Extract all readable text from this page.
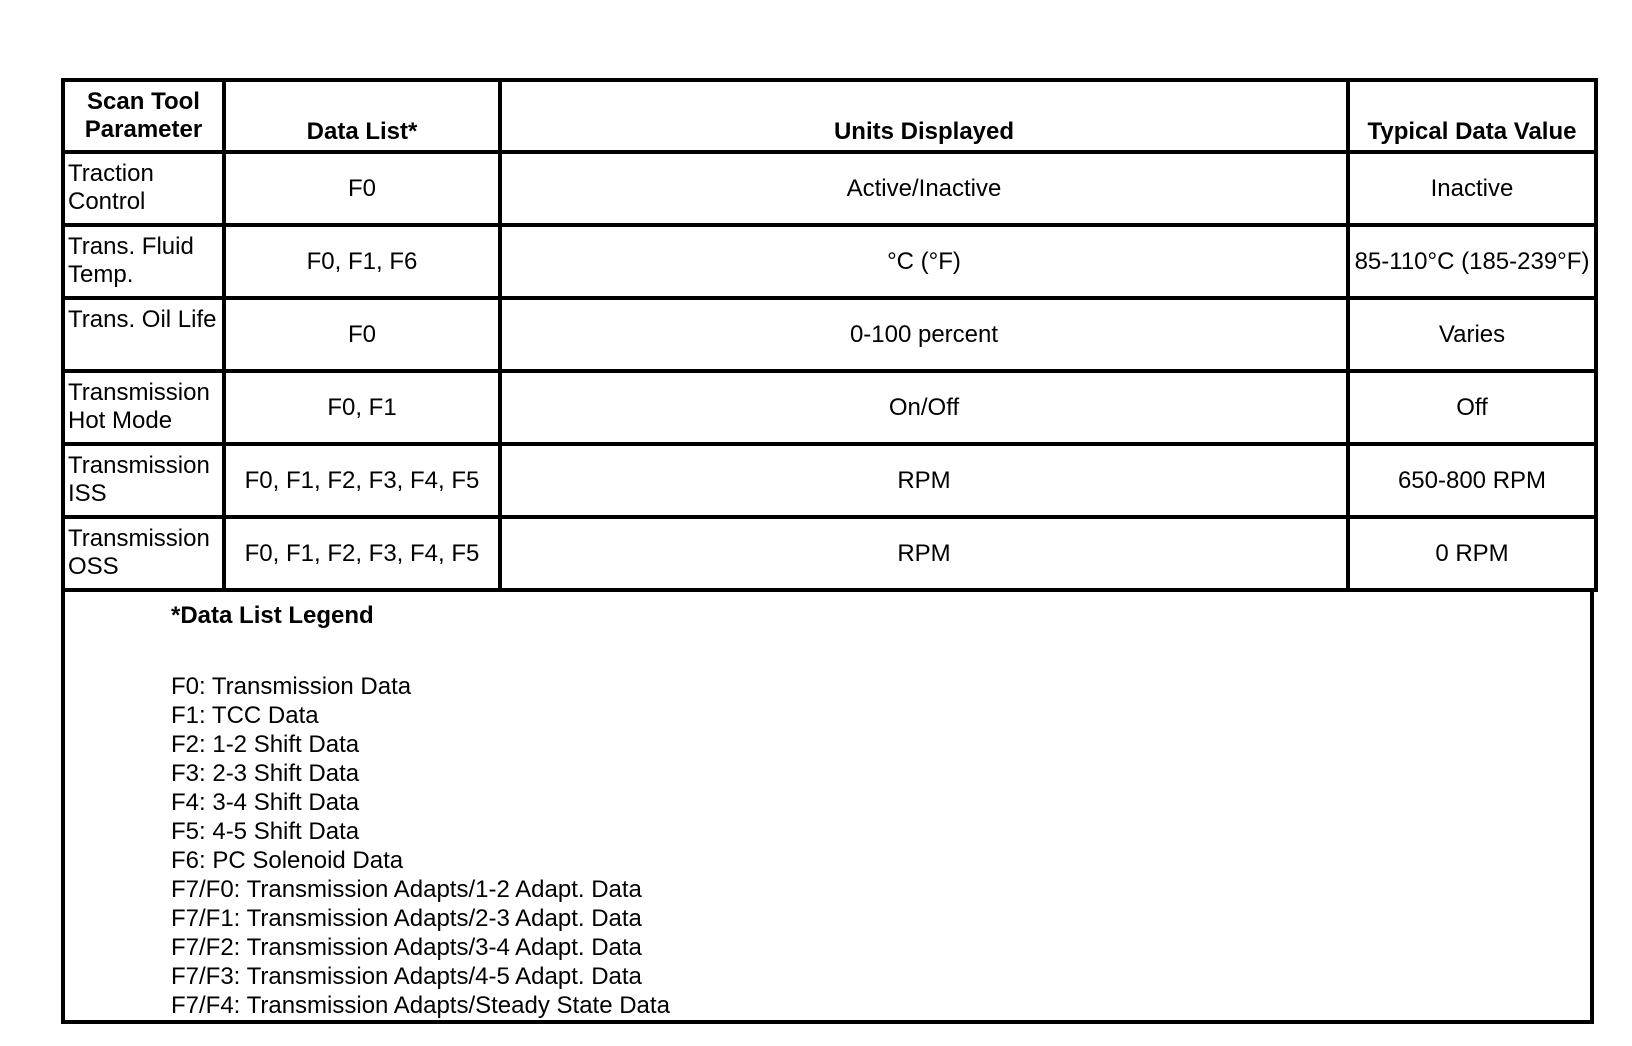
Scan Tool Parameter	Data List*	Units Displayed	Typical Data Value
Traction Control	F0	Active/Inactive	Inactive
Trans. Fluid Temp.	F0, F1, F6	°C (°F)	85-110°C (185-239°F)
Trans. Oil Life	F0	0-100 percent	Varies
Transmission Hot Mode	F0, F1	On/Off	Off
Transmission ISS	F0, F1, F2, F3, F4, F5	RPM	650-800 RPM
Transmission OSS	F0, F1, F2, F3, F4, F5	RPM	0 RPM
*Data List Legend
F0: Transmission Data
F1: TCC Data
F2: 1-2 Shift Data
F3: 2-3 Shift Data
F4: 3-4 Shift Data
F5: 4-5 Shift Data
F6: PC Solenoid Data
F7/F0: Transmission Adapts/1-2 Adapt. Data
F7/F1: Transmission Adapts/2-3 Adapt. Data
F7/F2: Transmission Adapts/3-4 Adapt. Data
F7/F3: Transmission Adapts/4-5 Adapt. Data
F7/F4: Transmission Adapts/Steady State Data
